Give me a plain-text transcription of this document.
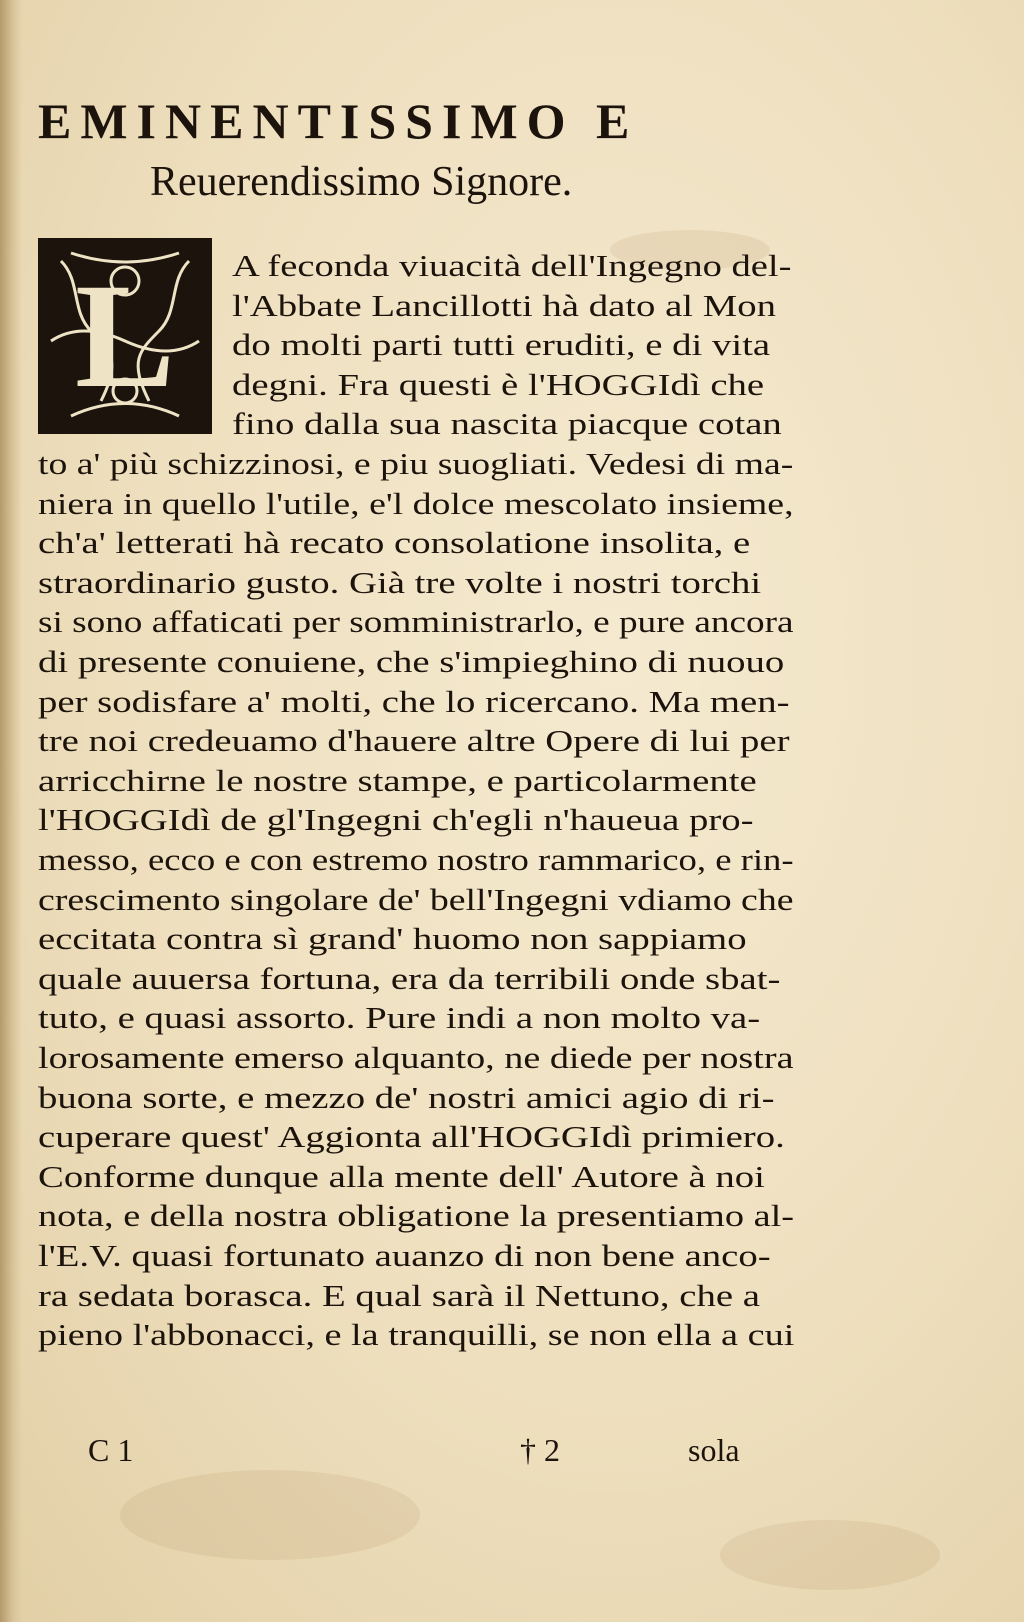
EMINENTISSIMO E
Reuerendissimo Signore.
L	A feconda viuacità dell'Ingegno del-
l'Abbate Lancillotti hà dato al Mon
do molti parti tutti eruditi, e di vita
degni. Fra questi è l'HOGGIdì che
fino dalla sua nascita piacque cotan
to a' più schizzinosi, e piu suogliati. Vedesi di ma-
niera in quello l'utile, e'l dolce mescolato insieme,
ch'a' letterati hà recato consolatione insolita, e
straordinario gusto. Già tre volte i nostri torchi
si sono affaticati per somministrarlo, e pure ancora
di presente conuiene, che s'impieghino di nuouo
per sodisfare a' molti, che lo ricercano. Ma men-
tre noi credeuamo d'hauere altre Opere di lui per
arricchirne le nostre stampe, e particolarmente
l'HOGGIdì de gl'Ingegni ch'egli n'haueua pro-
messo, ecco e con estremo nostro rammarico, e rin-
crescimento singolare de' bell'Ingegni vdiamo che
eccitata contra sì grand' huomo non sappiamo
quale auuersa fortuna, era da terribili onde sbat-
tuto, e quasi assorto. Pure indi a non molto va-
lorosamente emerso alquanto, ne diede per nostra
buona sorte, e mezzo de' nostri amici agio di ri-
cuperare quest' Aggionta all'HOGGIdì primiero.
Conforme dunque alla mente dell' Autore à noi
nota, e della nostra obligatione la presentiamo al-
l'E.V. quasi fortunato auanzo di non bene anco-
ra sedata borasca. E qual sarà il Nettuno, che a
pieno l'abbonacci, e la tranquilli, se non ella a cui
C 1	† 2	sola
